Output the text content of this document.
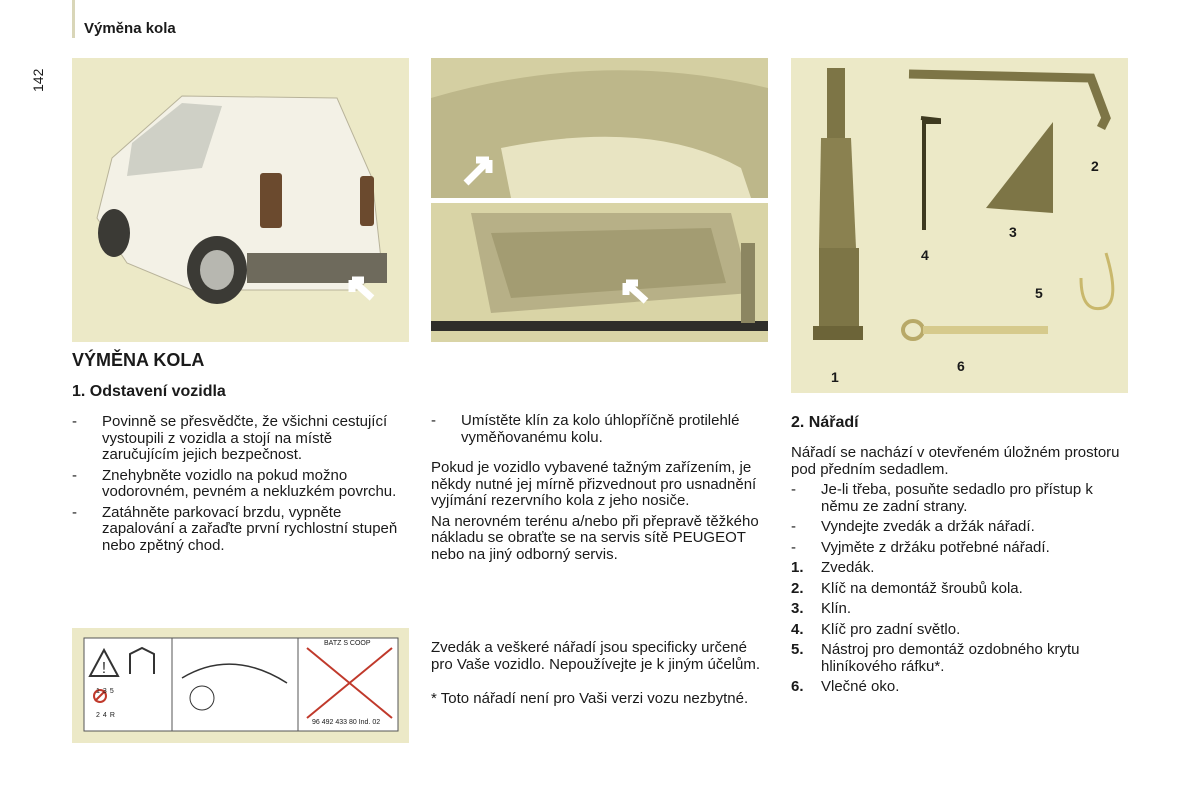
Výměna kola
142
1
2
3
4
5
6
VÝMĚNA KOLA
1. Odstavení vozidla
- Povinně se přesvědčte, že všichni cestující vystoupili z vozidla a stojí na místě zaručujícím jejich bezpečnost.
- Znehybněte vozidlo na pokud možno vodorovném, pevném a nekluzkém povrchu.
- Zatáhněte parkovací brzdu, vypněte zapalování a zařaďte první rychlostní stupeň nebo zpětný chod.
!
135
24R
BATZ S COOP
96 492 433 80 Ind. 02
- Umístěte klín za kolo úhlopříčně protilehlé vyměňovanému kolu.

Pokud je vozidlo vybavené tažným zařízením, je někdy nutné jej mírně přizvednout pro usnadnění vyjímání rezervního kola z jeho nosiče.

Na nerovném terénu a/nebo při přepravě těžkého nákladu se obraťte se na servis sítě PEUGEOT nebo na jiný odborný servis.

Zvedák a veškeré nářadí jsou specificky určené pro Vaše vozidlo. Nepoužívejte je k jiným účelům.

* Toto nářadí není pro Vaši verzi vozu nezbytné.

2. Nářadí

Nářadí se nachází v otevřeném úložném prostoru pod předním sedadlem.

- Je-li třeba, posuňte sedadlo pro přístup k němu ze zadní strany.
- Vyndejte zvedák a držák nářadí.
- Vyjměte z držáku potřebné nářadí.
1. Zvedák.
2. Klíč na demontáž šroubů kola.
3. Klín.
4. Klíč pro zadní světlo.
5. Nástroj pro demontáž ozdobného krytu hliníkového ráfku*.
6. Vlečné oko.
